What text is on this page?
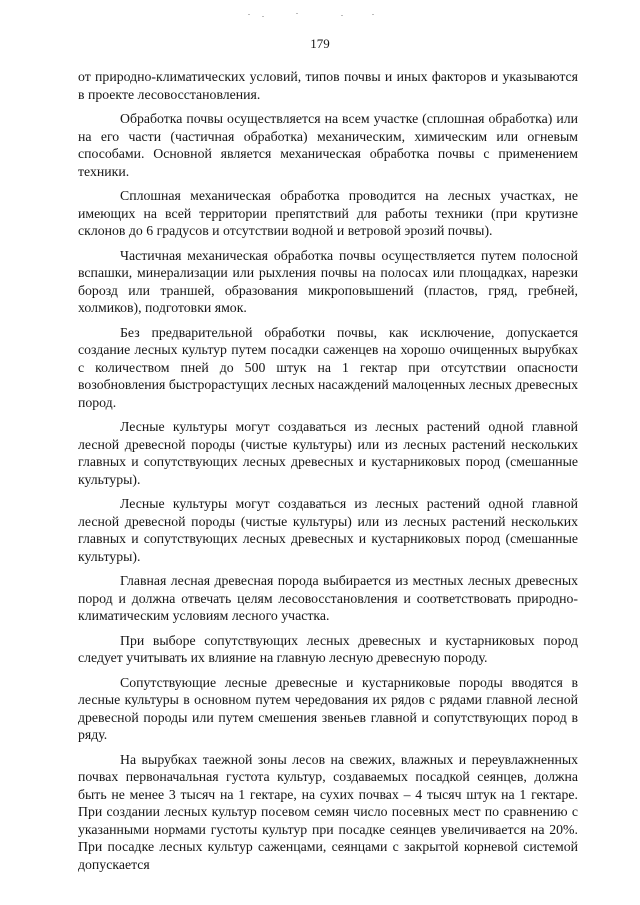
179

от природно-климатических условий, типов почвы и иных факторов и указываются в проекте лесовосстановления.

Обработка почвы осуществляется на всем участке (сплошная обработка) или на его части (частичная обработка) механическим, химическим или огневым способами. Основной является механическая обработка почвы с применением техники.

Сплошная механическая обработка проводится на лесных участках, не имеющих на всей территории препятствий для работы техники (при крутизне склонов до 6 градусов и отсутствии водной и ветровой эрозий почвы).

Частичная механическая обработка почвы осуществляется путем полосной вспашки, минерализации или рыхления почвы на полосах или площадках, нарезки борозд или траншей, образования микроповышений (пластов, гряд, гребней, холмиков), подготовки ямок.

Без предварительной обработки почвы, как исключение, допускается создание лесных культур путем посадки саженцев на хорошо очищенных вырубках с количеством пней до 500 штук на 1 гектар при отсутствии опасности возобновления быстрорастущих лесных насаждений малоценных лесных древесных пород.

Лесные культуры могут создаваться из лесных растений одной главной лесной древесной породы (чистые культуры) или из лесных растений нескольких главных и сопутствующих лесных древесных и кустарниковых пород (смешанные культуры).

Лесные культуры могут создаваться из лесных растений одной главной лесной древесной породы (чистые культуры) или из лесных растений нескольких главных и сопутствующих лесных древесных и кустарниковых пород (смешанные культуры).

Главная лесная древесная порода выбирается из местных лесных древесных пород и должна отвечать целям лесовосстановления и соответствовать природно-климатическим условиям лесного участка.

При выборе сопутствующих лесных древесных и кустарниковых пород следует учитывать их влияние на главную лесную древесную породу.

Сопутствующие лесные древесные и кустарниковые породы вводятся в лесные культуры в основном путем чередования их рядов с рядами главной лесной древесной породы или путем смешения звеньев главной и сопутствующих пород в ряду.

На вырубках таежной зоны лесов на свежих, влажных и переувлажненных почвах первоначальная густота культур, создаваемых посадкой сеянцев, должна быть не менее 3 тысяч на 1 гектаре, на сухих почвах – 4 тысяч штук на 1 гектаре. При создании лесных культур посевом семян число посевных мест по сравнению с указанными нормами густоты культур при посадке сеянцев увеличивается на 20%. При посадке лесных культур саженцами, сеянцами с закрытой корневой системой допускается
